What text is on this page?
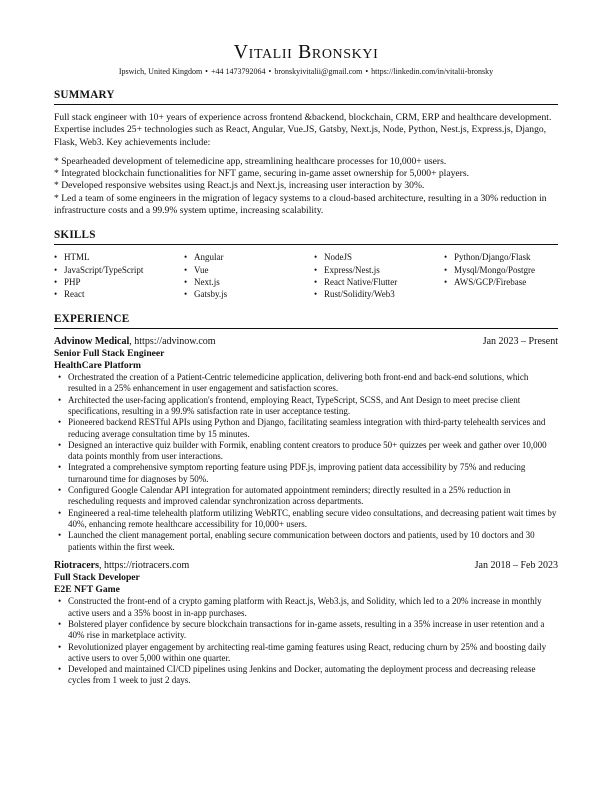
Vitalii Bronskyi
Ipswich, United Kingdom • +44 1473792064 • bronskyivitalii@gmail.com • https://linkedin.com/in/vitalii-bronsky
SUMMARY

Full stack engineer with 10+ years of experience across frontend &backend, blockchain, CRM, ERP and healthcare development. Expertise includes 25+ technologies such as React, Angular, Vue.JS, Gatsby, Next.js, Node, Python, Nest.js, Express.js, Django, Flask, Web3. Key achievements include:

* Spearheaded development of telemedicine app, streamlining healthcare processes for 10,000+ users.
* Integrated blockchain functionalities for NFT game, securing in-game asset ownership for 5,000+ players.
* Developed responsive websites using React.js and Next.js, increasing user interaction by 30%.
* Led a team of some engineers in the migration of legacy systems to a cloud-based architecture, resulting in a 30% reduction in infrastructure costs and a 99.9% system uptime, increasing scalability.
SKILLS
• HTML
• JavaScript/TypeScript
• PHP
• React
• Angular
• Vue
• Next.js
• Gatsby.js
• NodeJS
• Express/Nest.js
• React Native/Flutter
• Rust/Solidity/Web3
• Python/Django/Flask
• Mysql/Mongo/Postgre
• AWS/GCP/Firebase
EXPERIENCE
Advinow Medical, https://advinow.com	Jan 2023 – Present
Senior Full Stack Engineer
HealthCare Platform
• Orchestrated the creation of a Patient-Centric telemedicine application, delivering both front-end and back-end solutions, which resulted in a 25% enhancement in user engagement and satisfaction scores.
• Architected the user-facing application's frontend, employing React, TypeScript, SCSS, and Ant Design to meet precise client specifications, resulting in a 99.9% satisfaction rate in user acceptance testing.
• Pioneered backend RESTful APIs using Python and Django, facilitating seamless integration with third-party telehealth services and reducing average consultation time by 15 minutes.
• Designed an interactive quiz builder with Formik, enabling content creators to produce 50+ quizzes per week and gather over 10,000 data points monthly from user interactions.
• Integrated a comprehensive symptom reporting feature using PDF.js, improving patient data accessibility by 75% and reducing turnaround time for diagnoses by 50%.
• Configured Google Calendar API integration for automated appointment reminders; directly resulted in a 25% reduction in rescheduling requests and improved calendar synchronization across departments.
• Engineered a real-time telehealth platform utilizing WebRTC, enabling secure video consultations, and decreasing patient wait times by 40%, enhancing remote healthcare accessibility for 10,000+ users.
• Launched the client management portal, enabling secure communication between doctors and patients, used by 10 doctors and 30 patients within the first week.
Riotracers, https://riotracers.com	Jan 2018 – Feb 2023
Full Stack Developer
E2E NFT Game
• Constructed the front-end of a crypto gaming platform with React.js, Web3.js, and Solidity, which led to a 20% increase in monthly active users and a 35% boost in in-app purchases.
• Bolstered player confidence by secure blockchain transactions for in-game assets, resulting in a 35% increase in user retention and a 40% rise in marketplace activity.
• Revolutionized player engagement by architecting real-time gaming features using React, reducing churn by 25% and boosting daily active users to over 5,000 within one quarter.
• Developed and maintained CI/CD pipelines using Jenkins and Docker, automating the deployment process and decreasing release cycles from 1 week to just 2 days.
